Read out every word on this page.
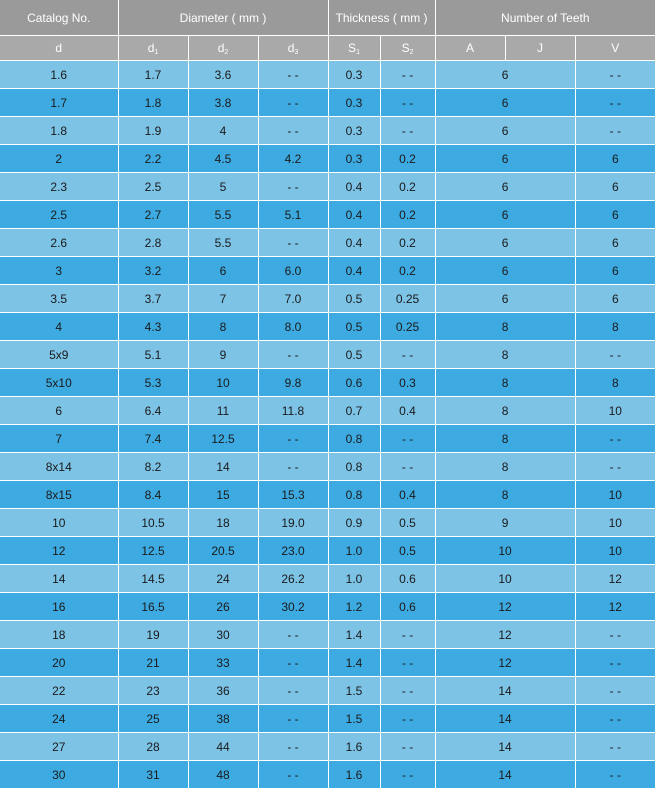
Catalog No.	Diameter ( mm )			Thickness ( mm )		Number of Teeth		
d	$d_1$	$d_2$	$d_3$	$S_1$	$S_2$	A	J	V
1.6	1.7	3.6	- -	0.3	- -	6		- -
1.7	1.8	3.8	- -	0.3	- -	6		- -
1.8	1.9	4	- -	0.3	- -	6		- -
2	2.2	4.5	4.2	0.3	0.2	6		6
2.3	2.5	5	- -	0.4	0.2	6		6
2.5	2.7	5.5	5.1	0.4	0.2	6		6
2.6	2.8	5.5	- -	0.4	0.2	6		6
3	3.2	6	6.0	0.4	0.2	6		6
3.5	3.7	7	7.0	0.5	0.25	6		6
4	4.3	8	8.0	0.5	0.25	8		8
5x9	5.1	9	- -	0.5	- -	8		- -
5x10	5.3	10	9.8	0.6	0.3	8		8
6	6.4	11	11.8	0.7	0.4	8		10
7	7.4	12.5	- -	0.8	- -	8		- -
8x14	8.2	14	- -	0.8	- -	8		- -
8x15	8.4	15	15.3	0.8	0.4	8		10
10	10.5	18	19.0	0.9	0.5	9		10
12	12.5	20.5	23.0	1.0	0.5	10		10
14	14.5	24	26.2	1.0	0.6	10		12
16	16.5	26	30.2	1.2	0.6	12		12
18	19	30	- -	1.4	- -	12		- -
20	21	33	- -	1.4	- -	12		- -
22	23	36	- -	1.5	- -	14		- -
24	25	38	- -	1.5	- -	14		- -
27	28	44	- -	1.6	- -	14		- -
30	31	48	- -	1.6	- -	14		- -
